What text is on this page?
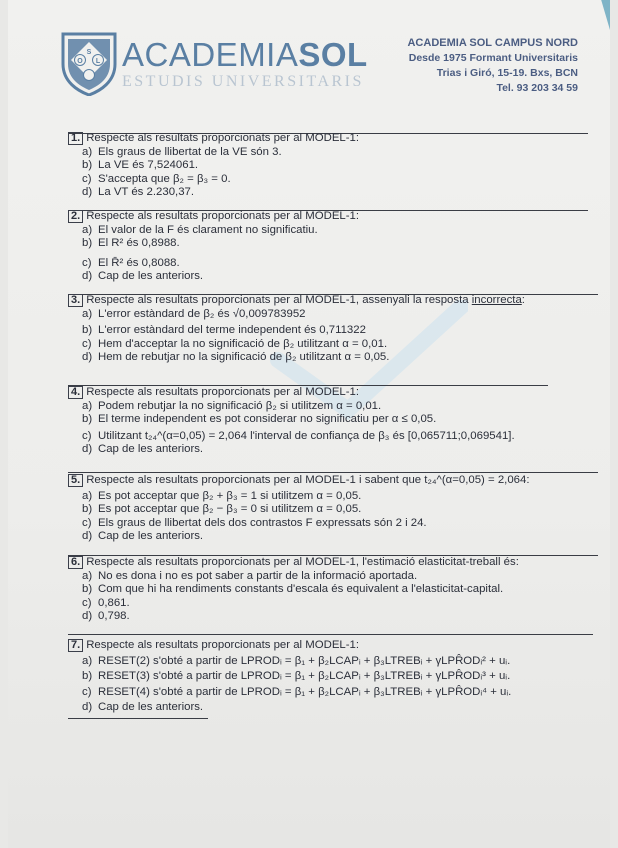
S
O L ACADEMIASOL
ESTUDIS UNIVERSITARIS
ACADEMIA SOL CAMPUS NORD
Desde 1975 Formant Universitaris
Trias i Giró, 15-19. Bxs, BCN
Tel. 93 203 34 59
1. Respecte als resultats proporcionats per al MODEL-1:
a) Els graus de llibertat de la VE són 3.
b) La VE és 7,524061.
c) S'accepta que β₂ = β₃ = 0.
d) La VT és 2.230,37.
2. Respecte als resultats proporcionats per al MODEL-1:
a) El valor de la F és clarament no significatiu.
b) El R² és 0,8988.
c) El R̄² és 0,8088.
d) Cap de les anteriors.
3. Respecte als resultats proporcionats per al MODEL-1, assenyali la resposta incorrecta:
a) L'error estàndard de β₂ és √0,009783952
b) L'error estàndard del terme independent és 0,711322
c) Hem d'acceptar la no significació de β₂ utilitzant α = 0,01.
d) Hem de rebutjar no la significació de β₂ utilitzant α = 0,05.
4. Respecte als resultats proporcionats per al MODEL-1:
a) Podem rebutjar la no significació β₂ si utilitzem α = 0,01.
b) El terme independent es pot considerar no significatiu per α ≤ 0,05.
c) Utilitzant t₂₄^(α=0,05) = 2,064 l'interval de confiança de β₃ és [0,065711;0,069541].
d) Cap de les anteriors.
5. Respecte als resultats proporcionats per al MODEL-1 i sabent que t₂₄^(α=0,05) = 2,064:
a) Es pot acceptar que β₂ + β₃ = 1 si utilitzem α = 0,05.
b) Es pot acceptar que β₂ − β₃ = 0 si utilitzem α = 0,05.
c) Els graus de llibertat dels dos contrastos F expressats són 2 i 24.
d) Cap de les anteriors.
6. Respecte als resultats proporcionats per al MODEL-1, l'estimació elasticitat-treball és:
a) No es dona i no es pot saber a partir de la informació aportada.
b) Com que hi ha rendiments constants d'escala és equivalent a l'elasticitat-capital.
c) 0,861.
d) 0,798.
7. Respecte als resultats proporcionats per al MODEL-1:
a) RESET(2) s'obté a partir de LPRODᵢ = β₁ + β₂LCAPᵢ + β₃LTREBᵢ + γLPR̂ODᵢ² + uᵢ.
b) RESET(3) s'obté a partir de LPRODᵢ = β₁ + β₂LCAPᵢ + β₃LTREBᵢ + γLPR̂ODᵢ³ + uᵢ.
c) RESET(4) s'obté a partir de LPRODᵢ = β₁ + β₂LCAPᵢ + β₃LTREBᵢ + γLPR̂ODᵢ⁴ + uᵢ.
d) Cap de les anteriors.
